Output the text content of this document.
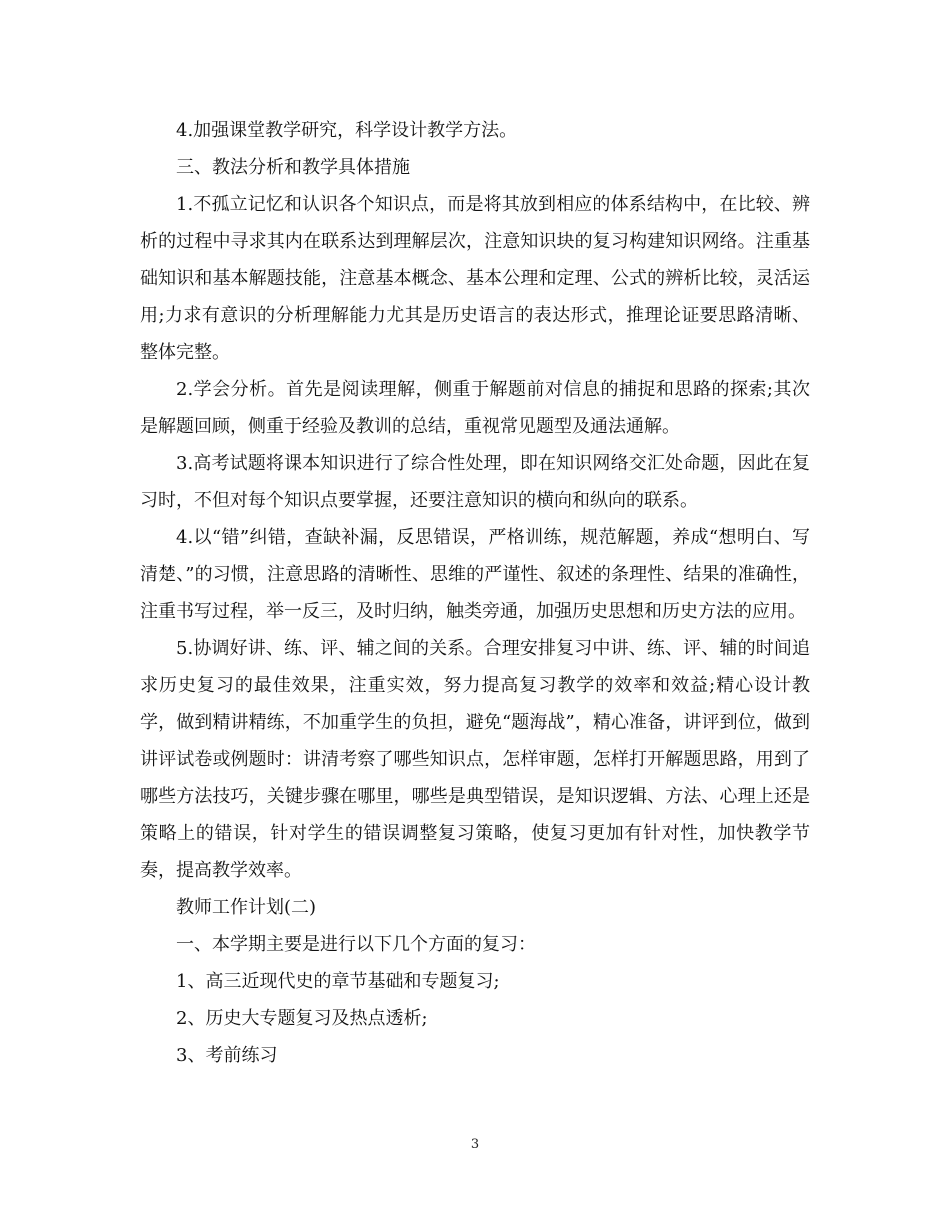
4.加强课堂教学研究，科学设计教学方法。

三、教法分析和教学具体措施

1.不孤立记忆和认识各个知识点，而是将其放到相应的体系结构中，在比较、辨析的过程中寻求其内在联系达到理解层次，注意知识块的复习构建知识网络。注重基础知识和基本解题技能，注意基本概念、基本公理和定理、公式的辨析比较，灵活运用;力求有意识的分析理解能力尤其是历史语言的表达形式，推理论证要思路清晰、整体完整。

2.学会分析。首先是阅读理解，侧重于解题前对信息的捕捉和思路的探索;其次是解题回顾，侧重于经验及教训的总结，重视常见题型及通法通解。

3.高考试题将课本知识进行了综合性处理，即在知识网络交汇处命题，因此在复习时，不但对每个知识点要掌握，还要注意知识的横向和纵向的联系。

4.以“错”纠错，查缺补漏，反思错误，严格训练，规范解题，养成“想明白、写清楚、”的习惯，注意思路的清晰性、思维的严谨性、叙述的条理性、结果的准确性，注重书写过程，举一反三，及时归纳，触类旁通，加强历史思想和历史方法的应用。

5.协调好讲、练、评、辅之间的关系。合理安排复习中讲、练、评、辅的时间追求历史复习的最佳效果，注重实效，努力提高复习教学的效率和效益;精心设计教学，做到精讲精练，不加重学生的负担，避免“题海战”，精心准备，讲评到位，做到讲评试卷或例题时：讲清考察了哪些知识点，怎样审题，怎样打开解题思路，用到了哪些方法技巧，关键步骤在哪里，哪些是典型错误，是知识逻辑、方法、心理上还是策略上的错误，针对学生的错误调整复习策略，使复习更加有针对性，加快教学节奏，提高教学效率。

教师工作计划(二)

一、本学期主要是进行以下几个方面的复习：

1、高三近现代史的章节基础和专题复习;

2、历史大专题复习及热点透析;

3、考前练习

3
